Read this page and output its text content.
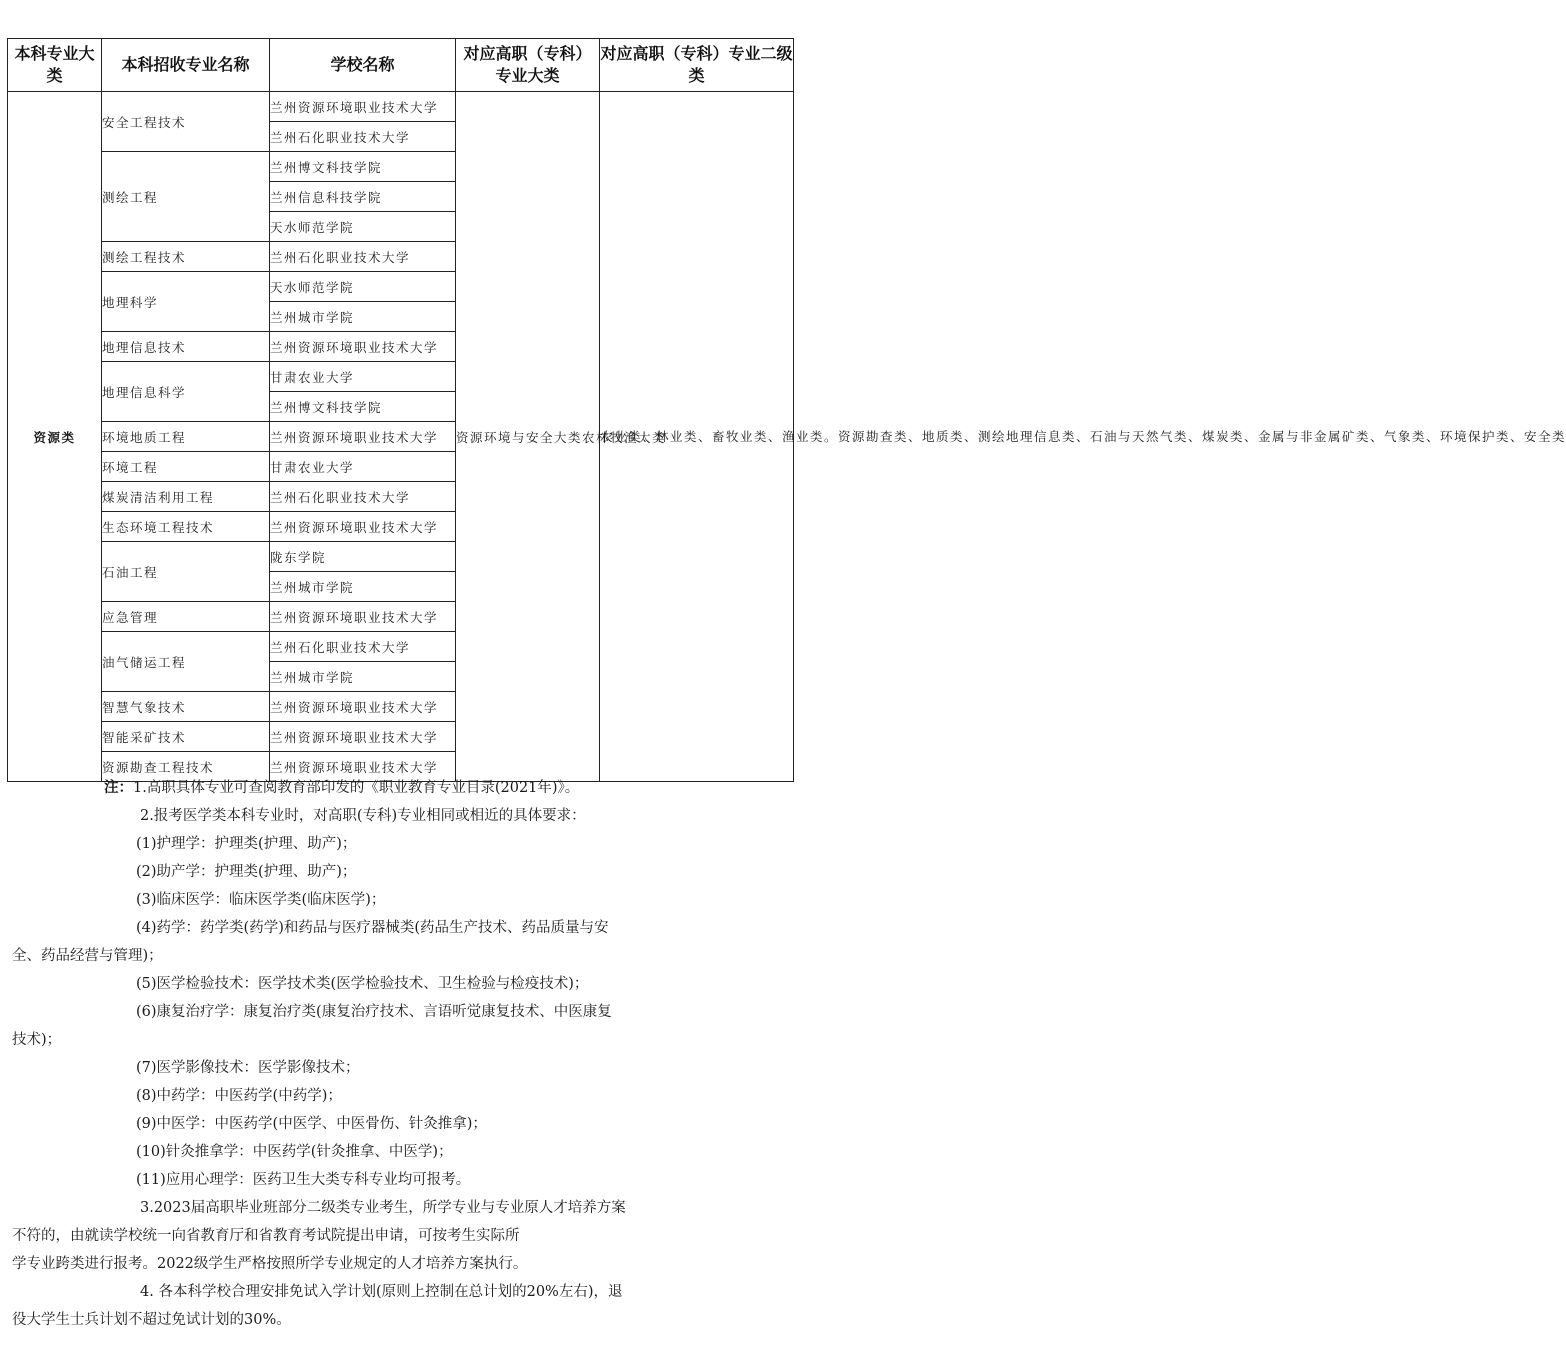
本科专业大类	本科招收专业名称	学校名称	对应高职（专科）专业大类	对应高职（专科）专业二级类
资源类	安全工程技术	兰州资源环境职业技术大学	资源环境与安全大类农林牧渔大类	农业类、林业类、畜牧业类、渔业类。资源勘查类、地质类、测绘地理信息类、石油与天然气类、煤炭类、金属与非金属矿类、气象类、环境保护类、安全类
		兰州石化职业技术大学		
	测绘工程	兰州博文科技学院		
		兰州信息科技学院		
		天水师范学院		
	测绘工程技术	兰州石化职业技术大学		
	地理科学	天水师范学院		
		兰州城市学院		
	地理信息技术	兰州资源环境职业技术大学		
	地理信息科学	甘肃农业大学		
		兰州博文科技学院		
	环境地质工程	兰州资源环境职业技术大学		
	环境工程	甘肃农业大学		
	煤炭清洁利用工程	兰州石化职业技术大学		
	生态环境工程技术	兰州资源环境职业技术大学		
	石油工程	陇东学院		
		兰州城市学院		
	应急管理	兰州资源环境职业技术大学		
	油气储运工程	兰州石化职业技术大学		
		兰州城市学院		
	智慧气象技术	兰州资源环境职业技术大学		
	智能采矿技术	兰州资源环境职业技术大学		
	资源勘查工程技术	兰州资源环境职业技术大学		

注：1.高职具体专业可查阅教育部印发的《职业教育专业目录(2021年)》。

2.报考医学类本科专业时，对高职(专科)专业相同或相近的具体要求：

(1)护理学：护理类(护理、助产)；

(2)助产学：护理类(护理、助产)；

(3)临床医学：临床医学类(临床医学)；

(4)药学：药学类(药学)和药品与医疗器械类(药品生产技术、药品质量与安

全、药品经营与管理)；

(5)医学检验技术：医学技术类(医学检验技术、卫生检验与检疫技术)；

(6)康复治疗学：康复治疗类(康复治疗技术、言语听觉康复技术、中医康复

技术)；

(7)医学影像技术：医学影像技术；

(8)中药学：中医药学(中药学)；

(9)中医学：中医药学(中医学、中医骨伤、针灸推拿)；

(10)针灸推拿学：中医药学(针灸推拿、中医学)；

(11)应用心理学：医药卫生大类专科专业均可报考。

3.2023届高职毕业班部分二级类专业考生，所学专业与专业原人才培养方案

不符的，由就读学校统一向省教育厅和省教育考试院提出申请，可按考生实际所

学专业跨类进行报考。2022级学生严格按照所学专业规定的人才培养方案执行。

4. 各本科学校合理安排免试入学计划(原则上控制在总计划的20%左右)，退

役大学生士兵计划不超过免试计划的30%。
